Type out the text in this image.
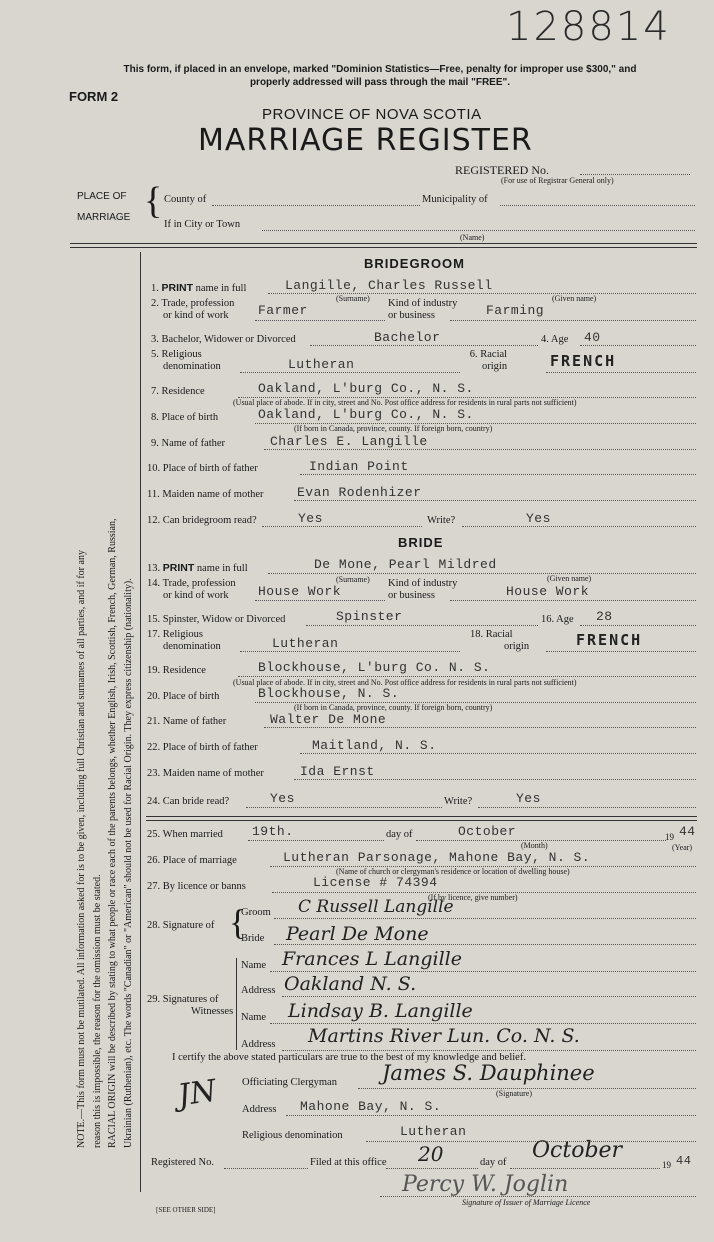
128814
This form, if placed in an envelope, marked "Dominion Statistics—Free, penalty for improper use $300," and
properly addressed will pass through the mail "FREE".
FORM 2
PROVINCE OF NOVA SCOTIA
MARRIAGE REGISTER
REGISTERED No.
(For use of Registrar General only)
PLACE OF
MARRIAGE { County of	Municipality of
If in City or Town
(Name)
NOTE.—This form must not be mutilated. All information asked for is to be given, including full Christian and surnames of all parties, and if for any reason this is impossible, the reason for the omission must be stated. RACIAL ORIGIN will be described by stating to what people or race each of the parents belongs, whether English, Irish, Scottish, French, German, Russian, Ukrainian (Ruthenian), etc. The words "Canadian" or "American" should not be used for Racial Origin. They express citizenship (nationality).
BRIDEGROOM
1. PRINT name in full	Langille, Charles Russell
(Surname)	(Given name)
2. Trade, profession
or kind of work	Farmer	Kind of industry
or business	Farming
3. Bachelor, Widower or Divorced	Bachelor	4. Age 40
5. Religious
denomination	Lutheran
6. Racial
origin	FRENCH
7. Residence	Oakland, L'burg Co., N. S.
(Usual place of abode. If in city, street and No. Post office address for residents in rural parts not sufficient)
8. Place of birth	Oakland, L'burg Co., N. S.
(If born in Canada, province, county. If foreign born, country)
9. Name of father	Charles E. Langille
10. Place of birth of father	Indian Point
11. Maiden name of mother	Evan Rodenhizer
12. Can bridegroom read?	Yes	Write?	Yes
BRIDE
13. PRINT name in full	De Mone, Pearl Mildred
(Surname)	(Given name)
14. Trade, profession
or kind of work	House Work
Kind of industry
or business	House Work
15. Spinster, Widow or Divorced	Spinster	16. Age 28
17. Religious
denomination	Lutheran
18. Racial
origin	FRENCH
19. Residence	Blockhouse, L'burg Co. N. S.
(Usual place of abode. If in city, street and No. Post office address for residents in rural parts not sufficient)
20. Place of birth	Blockhouse, N. S.
(If born in Canada, province, county. If foreign born, country)
21. Name of father	Walter De Mone
22. Place of birth of father	Maitland, N. S.
23. Maiden name of mother	Ida Ernst
24. Can bride read?	Yes	Write?	Yes
25. When married 19th.	day of	October	19 44
(Month)	(Year)
26. Place of marriage	Lutheran Parsonage, Mahone Bay, N. S.
(Name of church or clergyman's residence or location of dwelling house)
27. By licence or banns	License # 74394
(If by licence, give number)
28. Signature of {
Groom C Russell Langille
Bride Pearl De Mone
29. Signatures of
Witnesses
Name Frances L Langille
Address Oakland N. S.
Name Lindsay B. Langille
Address Martins River Lun. Co. N. S.
I certify the above stated particulars are true to the best of my knowledge and belief.
JN Officiating Clergyman James S. Dauphinee
(Signature)
Address Mahone Bay, N. S.
Religious denomination	Lutheran
Registered No.	Filed at this office 20	day of October
19 44
Percy W. Joglin
Signature of Issuer of Marriage Licence
[SEE OTHER SIDE]
